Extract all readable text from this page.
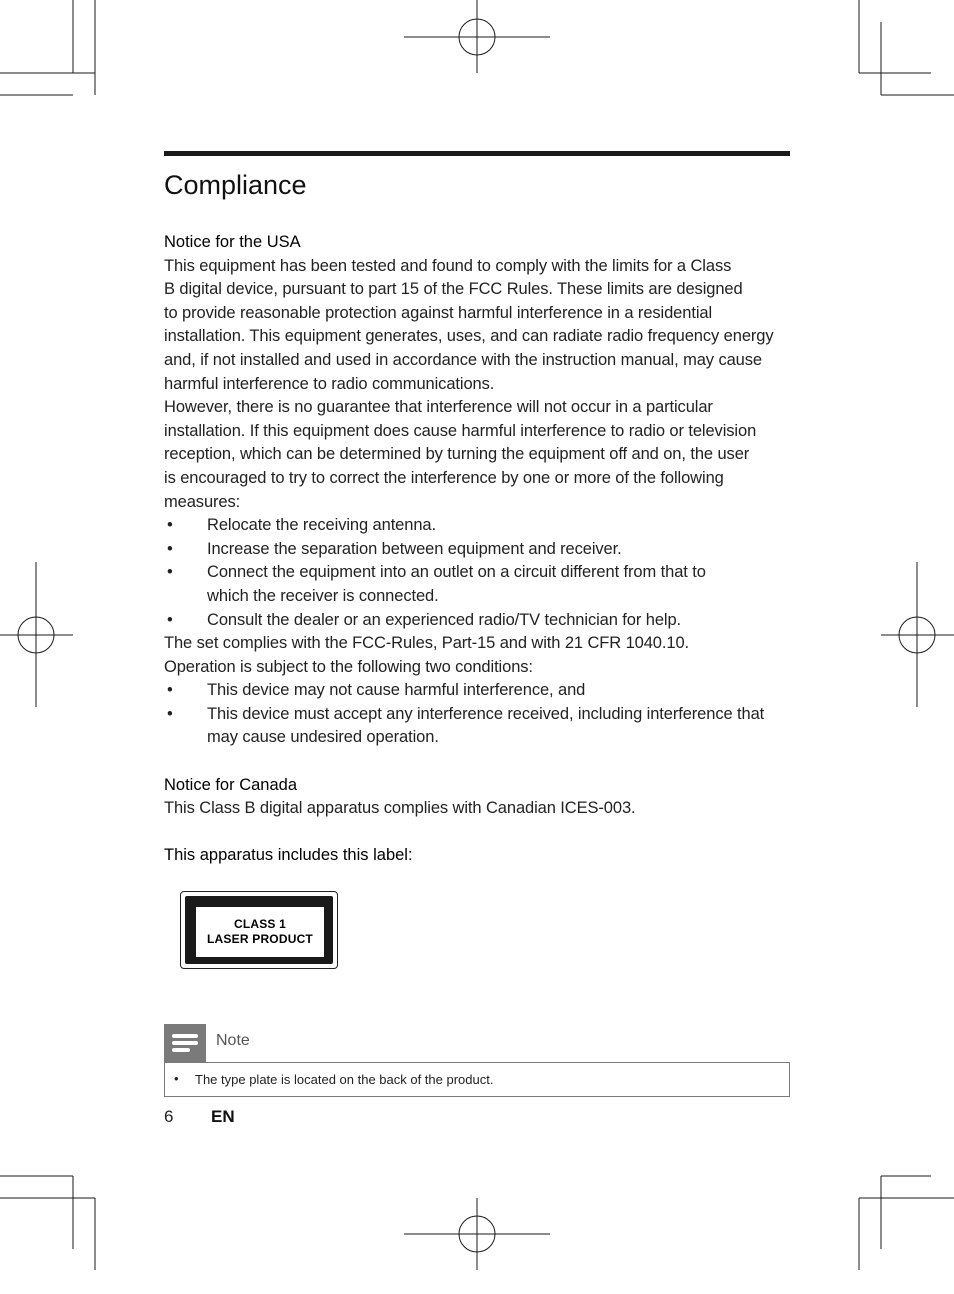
Compliance
Notice for the USA

This equipment has been tested and found to comply with the limits for a Class

B digital device, pursuant to part 15 of the FCC Rules. These limits are designed

to provide reasonable protection against harmful interference in a residential

installation. This equipment generates, uses, and can radiate radio frequency energy

and, if not installed and used in accordance with the instruction manual, may cause

harmful interference to radio communications.

However, there is no guarantee that interference will not occur in a particular

installation. If this equipment does cause harmful interference to radio or television

reception, which can be determined by turning the equipment off and on, the user

is encouraged to try to correct the interference by one or more of the following

measures:

• Relocate the receiving antenna.
• Increase the separation between equipment and receiver.
• Connect the equipment into an outlet on a circuit different from that to
which the receiver is connected.
• Consult the dealer or an experienced radio/TV technician for help.

The set complies with the FCC-Rules, Part-15 and with 21 CFR 1040.10.

Operation is subject to the following two conditions:

• This device may not cause harmful interference, and
• This device must accept any interference received, including interference that
may cause undesired operation.
Notice for Canada

This Class B digital apparatus complies with Canadian ICES-003.

This apparatus includes this label:
CLASS 1
LASER PRODUCT
Note
• The type plate is located on the back of the product.
6 EN
